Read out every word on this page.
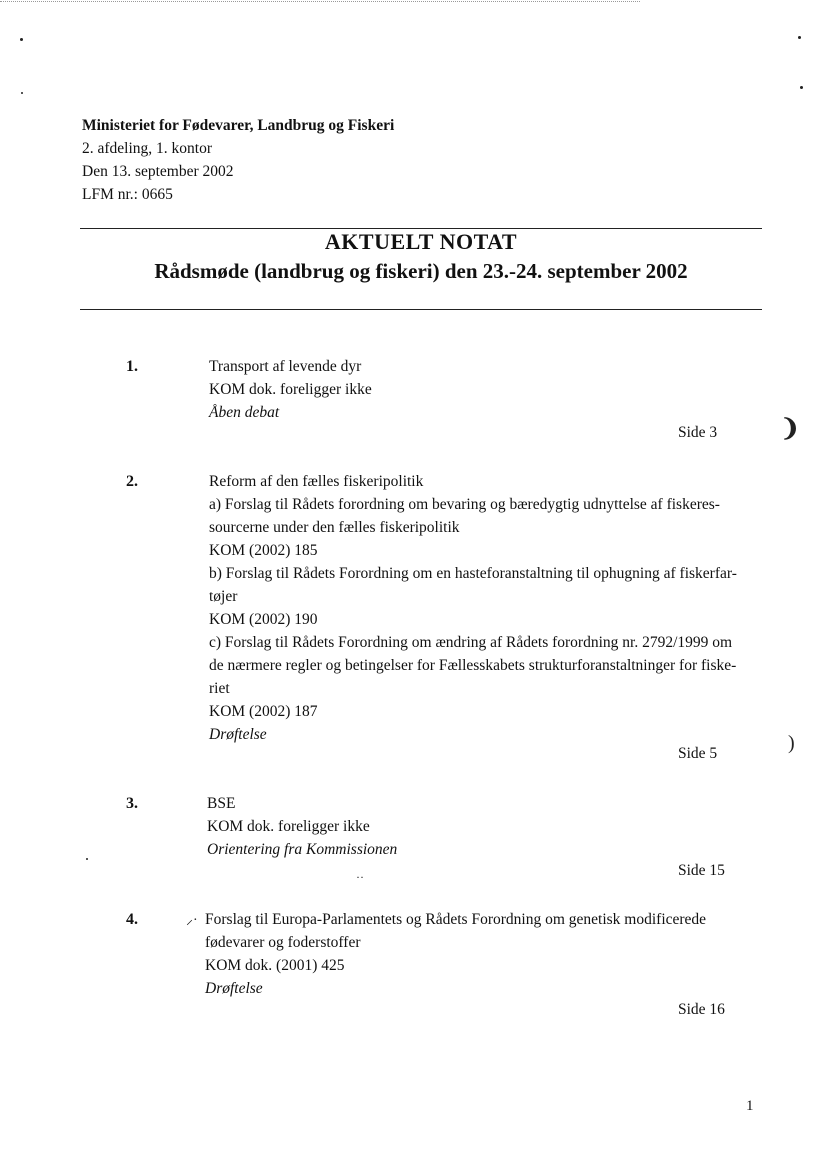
Ministeriet for Fødevarer, Landbrug og Fiskeri
2. afdeling, 1. kontor
Den 13. september 2002
LFM nr.: 0665
AKTUELT NOTAT
Rådsmøde (landbrug og fiskeri) den 23.-24. september 2002
1.	Transport af levende dyr
KOM dok. foreligger ikke
Åben debat
Side 3
2.	Reform af den fælles fiskeripolitik
a) Forslag til Rådets forordning om bevaring og bæredygtig udnyttelse af fiskeres-
sourcerne under den fælles fiskeripolitik
KOM (2002) 185
b) Forslag til Rådets Forordning om en hasteforanstaltning til ophugning af fiskerfar-
tøjer
KOM (2002) 190
c) Forslag til Rådets Forordning om ændring af Rådets forordning nr. 2792/1999 om
de nærmere regler og betingelser for Fællesskabets strukturforanstaltninger for fiske-
riet
KOM (2002) 187
Drøftelse
Side 5
3.	BSE
KOM dok. foreligger ikke
Orientering fra Kommissionen
Side 15
4.	⸝· Forslag til Europa-Parlamentets og Rådets Forordning om genetisk modificerede
fødevarer og foderstoffer
KOM dok. (2001) 425
Drøftelse
Side 16
❩
)
··
1
